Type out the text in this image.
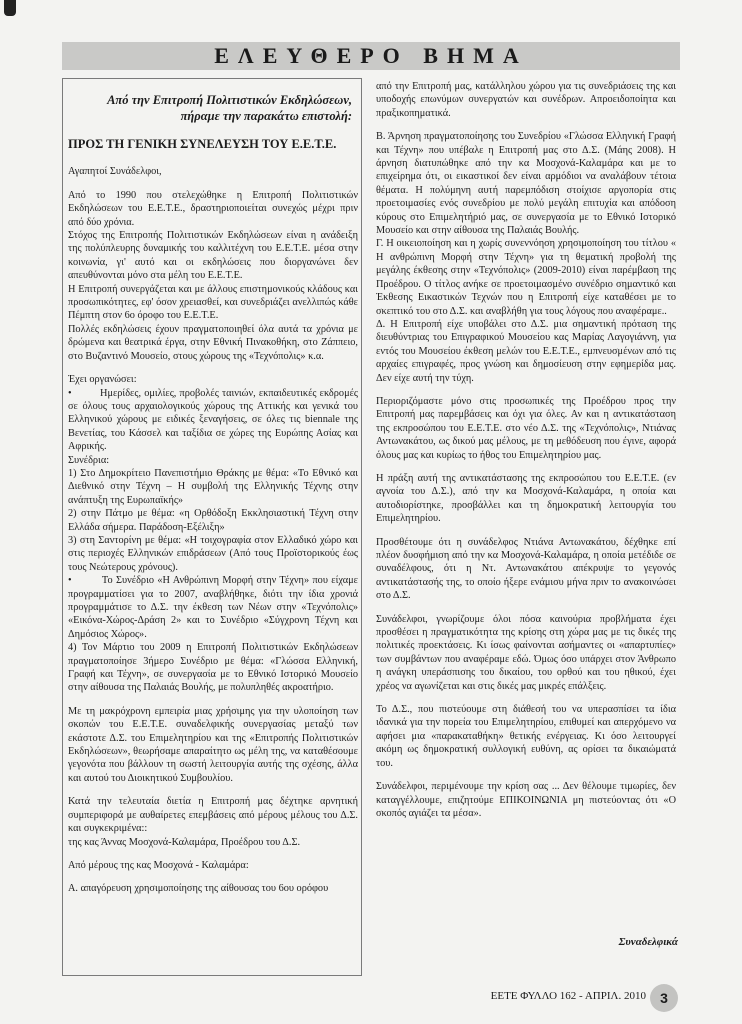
ΕΛΕΥΘΕΡΟ ΒΗΜΑ

Από την Επιτροπή Πολιτιστικών Εκδηλώσεων, πήραμε την παρακάτω επιστολή:

ΠΡΟΣ ΤΗ ΓΕΝΙΚΗ ΣΥΝΕΛΕΥΣΗ ΤΟΥ Ε.Ε.Τ.Ε.

Αγαπητοί Συνάδελφοι,

Από το 1990 που στελεχώθηκε η Επιτροπή Πολιτιστικών Εκδηλώσεων του Ε.Ε.Τ.Ε., δραστηριοποιείται συνεχώς μέχρι πριν από δύο χρόνια.

Στόχος της Επιτροπής Πολιτιστικών Εκδηλώσεων είναι η ανάδειξη της πολύπλευρης δυναμικής του καλλιτέχνη του Ε.Ε.Τ.Ε. μέσα στην κοινωνία, γι' αυτό και οι εκδηλώσεις που διοργανώνει δεν απευθύνονται μόνο στα μέλη του Ε.Ε.Τ.Ε.

Η Επιτροπή συνεργάζεται και με άλλους επιστημονικούς κλάδους και προσωπικότητες, εφ' όσον χρειασθεί, και συνεδριάζει ανελλιπώς κάθε Πέμπτη στον 6ο όροφο του Ε.Ε.Τ.Ε.

Πολλές εκδηλώσεις έχουν πραγματοποιηθεί όλα αυτά τα χρόνια με δρώμενα και θεατρικά έργα, στην Εθνική Πινακοθήκη, στο Ζάππειο, στο Βυζαντινό Μουσείο, στους χώρους της «Τεχνόπολις» κ.α.

Έχει οργανώσει:

•         Ημερίδες, ομιλίες, προβολές ταινιών, εκπαιδευτικές εκδρομές σε όλους τους αρχαιολογικούς χώρους της Αττικής και γενικά του Ελληνικού χώρους με ειδικές ξεναγήσεις, σε όλες τις biennale της Βενετίας, του Κάσσελ και ταξίδια σε χώρες της Ευρώπης Ασίας και Αφρικής.

Συνέδρια:

1) Στο Δημοκρίτειο Πανεπιστήμιο Θράκης με θέμα: «Το Εθνικό και Διεθνικό στην Τέχνη – Η συμβολή της Ελληνικής Τέχνης στην ανάπτυξη της Ευρωπαϊκής»

2) στην Πάτμο με θέμα: «η Ορθόδοξη Εκκλησιαστική Τέχνη στην Ελλάδα σήμερα. Παράδοση-Εξέλιξη»

3) στη Σαντορίνη με θέμα: «Η τοιχογραφία στον Ελλαδικό χώρο και στις περιοχές Ελληνικών επιδράσεων (Από τους Προϊστορικούς έως τους Νεώτερους χρόνους).

•         Το Συνέδριο «Η Ανθρώπινη Μορφή στην Τέχνη» που είχαμε προγραμματίσει για το 2007, αναβλήθηκε, διότι την ίδια χρονιά προγραμμάτισε το Δ.Σ. την έκθεση των Νέων στην «Τεχνόπολις» «Εικόνα-Χώρος-Δράση 2» και το Συνέδριο «Σύγχρονη Τέχνη και Δημόσιος Χώρος».

4) Τον Μάρτιο του 2009 η Επιτροπή Πολιτιστικών Εκδηλώσεων πραγματοποίησε 3ήμερο Συνέδριο με θέμα: «Γλώσσα Ελληνική, Γραφή και Τέχνη», σε συνεργασία με το Εθνικό Ιστορικό Μουσείο στην αίθουσα της Παλαιάς Βουλής, με πολυπληθές ακροατήριο.

Με τη μακρόχρονη εμπειρία μιας χρήσιμης για την υλοποίηση των σκοπών του Ε.Ε.Τ.Ε. συναδελφικής συνεργασίας μεταξύ των εκάστοτε Δ.Σ. του Επιμελητηρίου και της «Επιτροπής Πολιτιστικών Εκδηλώσεων», θεωρήσαμε απαραίτητο ως μέλη της, να καταθέσουμε γεγονότα που βάλλουν τη σωστή λειτουργία αυτής της σχέσης, άλλα και αυτού του Διοικητικού Συμβουλίου.

Κατά την τελευταία διετία η Επιτροπή μας δέχτηκε αρνητική συμπεριφορά με αυθαίρετες επεμβάσεις από μέρους μέλους του Δ.Σ. και συγκεκριμένα::

της κας Άννας Μοσχονά-Καλαμάρα, Προέδρου του Δ.Σ.

Από μέρους της κας Μοσχονά - Καλαμάρα:

Α. απαγόρευση χρησιμοποίησης της αίθουσας του 6ου ορόφου

από την Επιτροπή μας, κατάλληλου χώρου για τις συνεδριάσεις της και υποδοχής επωνύμων συνεργατών και συνέδρων. Απροειδοποίητα και πραξικοπηματικά.

Β. Άρνηση πραγματοποίησης του Συνεδρίου «Γλώσσα Ελληνική Γραφή και Τέχνη» που υπέβαλε η Επιτροπή μας στο Δ.Σ. (Μάης 2008). Η άρνηση διατυπώθηκε από την κα Μοσχονά-Καλαμάρα και με το επιχείρημα ότι, οι εικαστικοί δεν είναι αρμόδιοι να αναλάβουν τέτοια θέματα. Η πολύμηνη αυτή παρεμπόδιση στοίχισε αργοπορία στις προετοιμασίες ενός συνεδρίου με πολύ μεγάλη επιτυχία και απόδοση κύρους στο Επιμελητήριό μας, σε συνεργασία με το Εθνικό Ιστορικό Μουσείο και στην αίθουσα της Παλαιάς Βουλής.

Γ. Η οικειοποίηση και η χωρίς συνεννόηση χρησιμοποίηση του τίτλου « Η ανθρώπινη Μορφή στην Τέχνη» για τη θεματική προβολή της μεγάλης έκθεσης στην «Τεχνόπολις» (2009-2010) είναι παρέμβαση της Προέδρου. Ο τίτλος ανήκε σε προετοιμασμένο συνέδριο σημαντικό και Έκθεσης Εικαστικών Τεχνών που η Επιτροπή είχε καταθέσει με το σκεπτικό του στο Δ.Σ. και αναβλήθη για τους λόγους που αναφέραμε..

Δ. Η Επιτροπή είχε υποβάλει στο Δ.Σ. μια σημαντική πρόταση της διευθύντριας του Επιγραφικού Μουσείου κας Μαρίας Λαγογιάννη, για εντός του Μουσείου έκθεση μελών του Ε.Ε.Τ.Ε., εμπνευσμένων από τις αρχαίες επιγραφές, προς γνώση και δημοσίευση στην εφημερίδα μας. Δεν είχε αυτή την τύχη.

Περιοριζόμαστε μόνο στις προσωπικές της Προέδρου προς την Επιτροπή μας παρεμβάσεις και όχι για όλες. Αν και η αντικατάσταση της εκπροσώπου του Ε.Ε.Τ.Ε. στο νέο Δ.Σ. της «Τεχνόπολις», Ντιάνας Αντωνακάτου, ως δικού μας μέλους, με τη μεθόδευση που έγινε, αφορά όλους μας και κυρίως το ήθος του Επιμελητηρίου μας.

Η πράξη αυτή της αντικατάστασης της εκπροσώπου του Ε.Ε.Τ.Ε. (εν αγνοία του Δ.Σ.), από την κα Μοσχονά-Καλαμάρα, η οποία και αυτοδιορίστηκε, προσβάλλει και τη δημοκρατική λειτουργία του Επιμελητηρίου.

Προσθέτουμε ότι η συνάδελφος Ντιάνα Αντωνακάτου, δέχθηκε επί πλέον δυσφήμιση από την κα Μοσχονά-Καλαμάρα, η οποία μετέδιδε σε συναδέλφους, ότι η Ντ. Αντωνακάτου απέκρυψε το γεγονός αντικατάστασής της, το οποίο ήξερε ενάμισυ μήνα πριν το ανακοινώσει στο Δ.Σ.

Συνάδελφοι, γνωρίζουμε όλοι πόσα καινούρια προβλήματα έχει προσθέσει η πραγματικότητα της κρίσης στη χώρα μας με τις δικές της πολιτικές προεκτάσεις. Κι ίσως φαίνονται ασήμαντες οι «απαρτυπίες» των συμβάντων που αναφέραμε εδώ. Όμως όσο υπάρχει στον Άνθρωπο η ανάγκη υπεράσπισης του δικαίου, του ορθού και του ηθικού, έχει χρέος να αγωνίζεται και στις δικές μας μικρές επάλξεις.

Το Δ.Σ., που πιστεύουμε στη διάθεσή του να υπερασπίσει τα ίδια ιδανικά για την πορεία του Επιμελητηρίου, επιθυμεί και απερχόμενο να αφήσει μια «παρακαταθήκη» θετικής ενέργειας. Κι όσο λειτουργεί ακόμη ως δημοκρατική συλλογική ευθύνη, ας ορίσει τα δικαιώματά του.

Συνάδελφοι, περιμένουμε την κρίση σας ... Δεν θέλουμε τιμωρίες, δεν καταγγέλλουμε, επιζητούμε ΕΠΙΚΟΙΝΩΝΙΑ μη πιστεύοντας ότι «Ο σκοπός αγιάζει τα μέσα».

Συναδελφικά
ΕΕΤΕ ΦΥΛΛΟ 162 - ΑΠΡΙΛ. 2010 3
